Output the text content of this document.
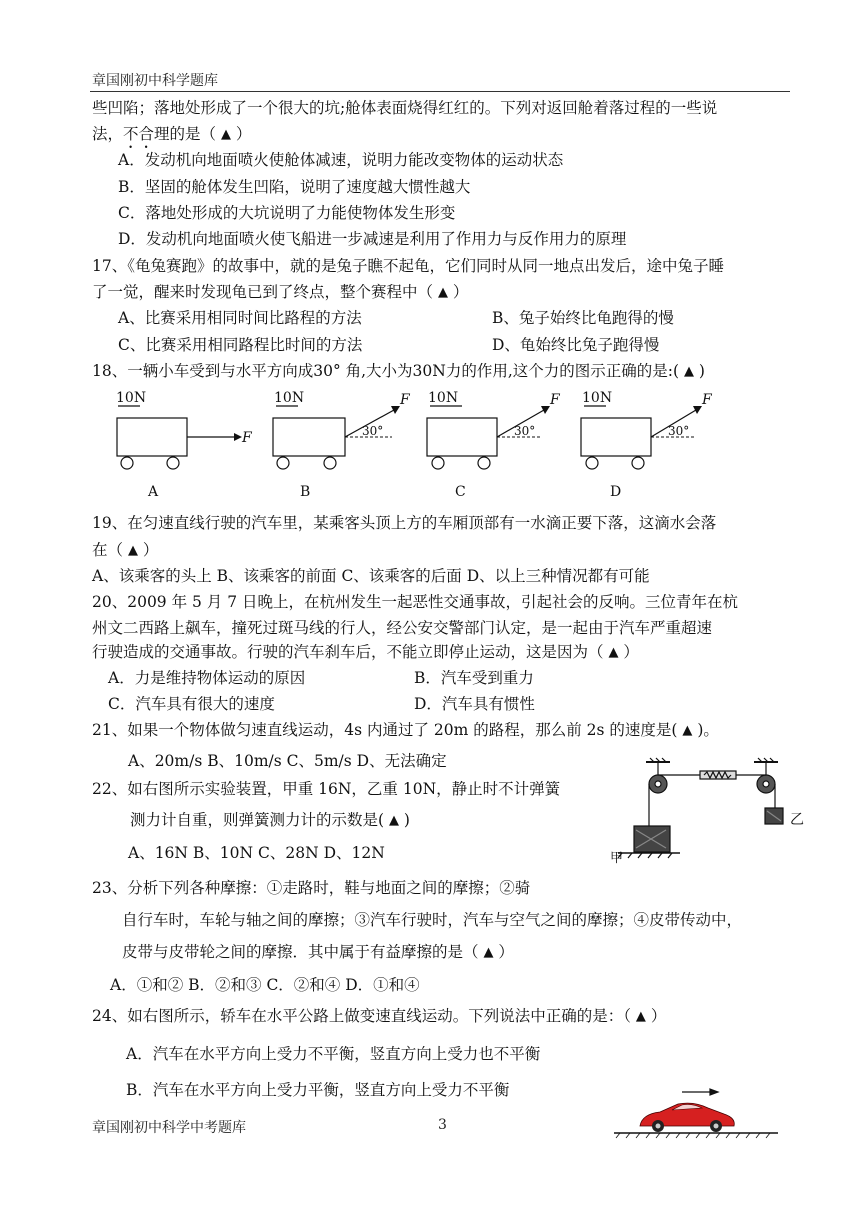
章国刚初中科学题库
些凹陷；落地处形成了一个很大的坑;舱体表面烧得红红的。下列对返回舱着落过程的一些说
法，不合理的是（ ▲ ）
A．发动机向地面喷火使舱体减速，说明力能改变物体的运动状态
B．坚固的舱体发生凹陷，说明了速度越大惯性越大
C．落地处形成的大坑说明了力能使物体发生形变
D．发动机向地面喷火使飞船进一步减速是利用了作用力与反作用力的原理
17、《龟兔赛跑》的故事中，就的是兔子瞧不起龟，它们同时从同一地点出发后，途中兔子睡
了一觉，醒来时发现龟已到了终点，整个赛程中（ ▲ ）
A、比赛采用相同时间比路程的方法	B、兔子始终比龟跑得的慢
C、比赛采用相同路程比时间的方法	D、龟始终比兔子跑得慢
18、一辆小车受到与水平方向成30° 角,大小为30N力的作用,这个力的图示正确的是:( ▲ )
10N
F
A
10N	F
30°
B
10N	F
30°
C
10N	F
30°
D
19、在匀速直线行驶的汽车里，某乘客头顶上方的车厢顶部有一水滴正要下落，这滴水会落
在（ ▲ ）
A、该乘客的头上 B、该乘客的前面 C、该乘客的后面 D、以上三种情况都有可能
20、2009 年 5 月 7 日晚上，在杭州发生一起恶性交通事故，引起社会的反响。三位青年在杭
州文二西路上飙车，撞死过斑马线的行人，经公安交警部门认定，是一起由于汽车严重超速
行驶造成的交通事故。行驶的汽车刹车后，不能立即停止运动，这是因为（ ▲ ）
A．力是维持物体运动的原因	B．汽车受到重力
C．汽车具有很大的速度	D．汽车具有惯性
21、如果一个物体做匀速直线运动，4s 内通过了 20m 的路程，那么前 2s 的速度是( ▲ )。
A、20m/s B、10m/s C、5m/s D、无法确定
22、如右图所示实验装置，甲重 16N，乙重 10N，静止时不计弹簧
测力计自重，则弹簧测力计的示数是( ▲ )
A、16N B、10N C、28N D、12N
乙
甲
23、分析下列各种摩擦：①走路时，鞋与地面之间的摩擦；②骑
自行车时，车轮与轴之间的摩擦；③汽车行驶时，汽车与空气之间的摩擦；④皮带传动中，
皮带与皮带轮之间的摩擦．其中属于有益摩擦的是（ ▲ ）
A．①和② B．②和③ C．②和④ D．①和④
24、如右图所示，轿车在水平公路上做变速直线运动。下列说法中正确的是：（ ▲ ）
A．汽车在水平方向上受力不平衡，竖直方向上受力也不平衡
B．汽车在水平方向上受力平衡，竖直方向上受力不平衡
章国刚初中科学中考题库	3
